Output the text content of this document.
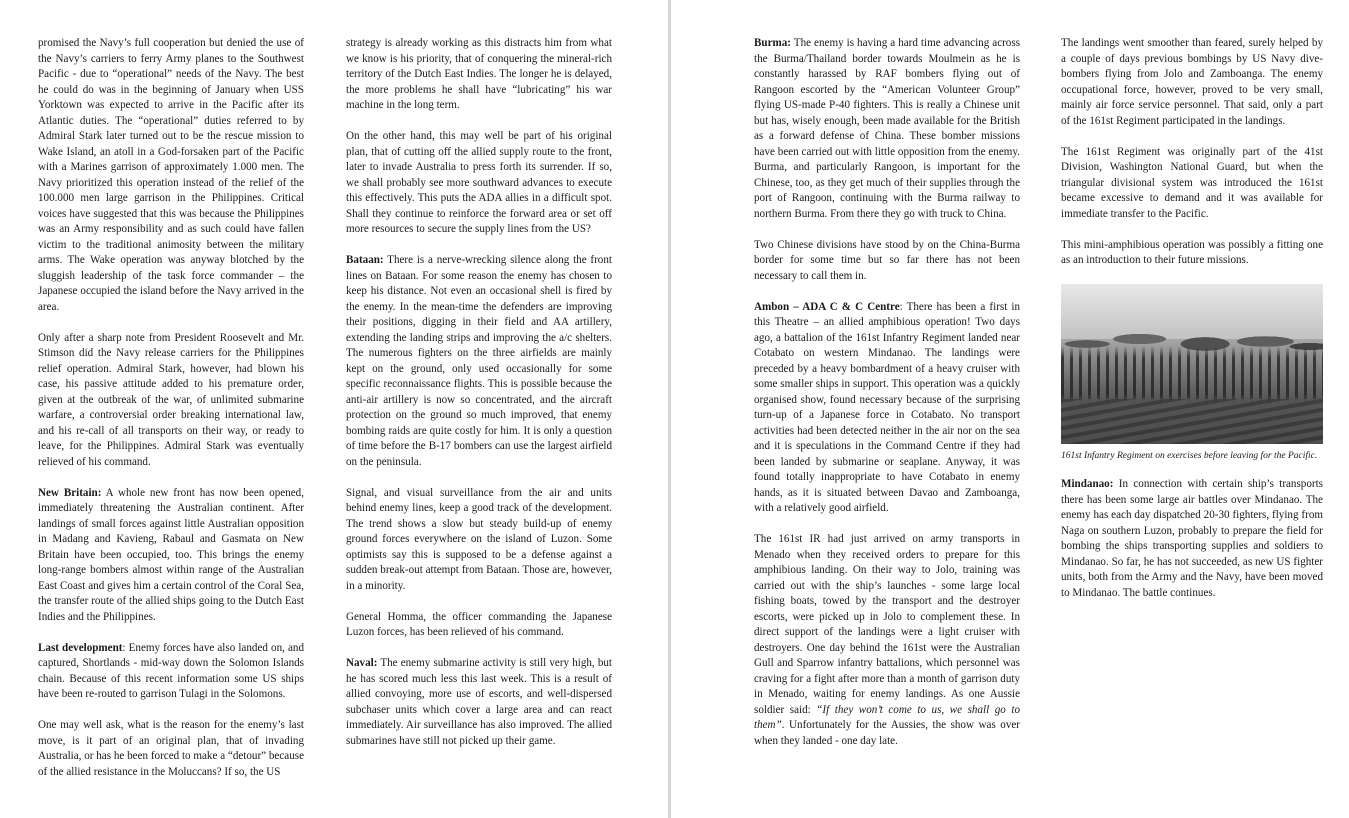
promised the Navy’s full cooperation but denied the use of the Navy’s carriers to ferry Army planes to the Southwest Pacific - due to “operational” needs of the Navy. The best he could do was in the beginning of January when USS Yorktown was expected to arrive in the Pacific after its Atlantic duties. The “operational” duties referred to by Admiral Stark later turned out to be the rescue mission to Wake Island, an atoll in a God-forsaken part of the Pacific with a Marines garrison of approximately 1.000 men. The Navy prioritized this operation instead of the relief of the 100.000 men large garrison in the Philippines. Critical voices have suggested that this was because the Philippines was an Army responsibility and as such could have fallen victim to the traditional animosity between the military arms. The Wake operation was anyway blotched by the sluggish leadership of the task force commander – the Japanese occupied the island before the Navy arrived in the area.

Only after a sharp note from President Roosevelt and Mr. Stimson did the Navy release carriers for the Philippines relief operation. Admiral Stark, however, had blown his case, his passive attitude added to his premature order, given at the outbreak of the war, of unlimited submarine warfare, a controversial order breaking international law, and his re-call of all transports on their way, or ready to leave, for the Philippines. Admiral Stark was eventually relieved of his command.

New Britain: A whole new front has now been opened, immediately threatening the Australian continent. After landings of small forces against little Australian opposition in Madang and Kavieng, Rabaul and Gasmata on New Britain have been occupied, too. This brings the enemy long-range bombers almost within range of the Australian East Coast and gives him a certain control of the Coral Sea, the transfer route of the allied ships going to the Dutch East Indies and the Philippines.

Last development: Enemy forces have also landed on, and captured, Shortlands - mid-way down the Solomon Islands chain. Because of this recent information some US ships have been re-routed to garrison Tulagi in the Solomons.

One may well ask, what is the reason for the enemy’s last move, is it part of an original plan, that of invading Australia, or has he been forced to make a “detour” because of the allied resistance in the Moluccans? If so, the US

strategy is already working as this distracts him from what we know is his priority, that of conquering the mineral-rich territory of the Dutch East Indies. The longer he is delayed, the more problems he shall have “lubricating” his war machine in the long term.

On the other hand, this may well be part of his original plan, that of cutting off the allied supply route to the front, later to invade Australia to press forth its surrender. If so, we shall probably see more southward advances to execute this effectively. This puts the ADA allies in a difficult spot. Shall they continue to reinforce the forward area or set off more resources to secure the supply lines from the US?

Bataan: There is a nerve-wrecking silence along the front lines on Bataan. For some reason the enemy has chosen to keep his distance. Not even an occasional shell is fired by the enemy. In the mean-time the defenders are improving their positions, digging in their field and AA artillery, extending the landing strips and improving the a/c shelters. The numerous fighters on the three airfields are mainly kept on the ground, only used occasionally for some specific reconnaissance flights. This is possible because the anti-air artillery is now so concentrated, and the aircraft protection on the ground so much improved, that enemy bombing raids are quite costly for him. It is only a question of time before the B-17 bombers can use the largest airfield on the peninsula.

Signal, and visual surveillance from the air and units behind enemy lines, keep a good track of the development. The trend shows a slow but steady build-up of enemy ground forces everywhere on the island of Luzon. Some optimists say this is supposed to be a defense against a sudden break-out attempt from Bataan. Those are, however, in a minority.

General Homma, the officer commanding the Japanese Luzon forces, has been relieved of his command.

Naval: The enemy submarine activity is still very high, but he has scored much less this last week. This is a result of allied convoying, more use of escorts, and well-dispersed subchaser units which cover a large area and can react immediately. Air surveillance has also improved. The allied submarines have still not picked up their game.

Burma: The enemy is having a hard time advancing across the Burma/Thailand border towards Moulmein as he is constantly harassed by RAF bombers flying out of Rangoon escorted by the “American Volunteer Group” flying US-made P-40 fighters. This is really a Chinese unit but has, wisely enough, been made available for the British as a forward defense of China. These bomber missions have been carried out with little opposition from the enemy. Burma, and particularly Rangoon, is important for the Chinese, too, as they get much of their supplies through the port of Rangoon, continuing with the Burma railway to northern Burma. From there they go with truck to China.

Two Chinese divisions have stood by on the China-Burma border for some time but so far there has not been necessary to call them in.

Ambon – ADA C & C Centre: There has been a first in this Theatre – an allied amphibious operation! Two days ago, a battalion of the 161st Infantry Regiment landed near Cotabato on western Mindanao. The landings were preceded by a heavy bombardment of a heavy cruiser with some smaller ships in support. This operation was a quickly organised show, found necessary because of the surprising turn-up of a Japanese force in Cotabato. No transport activities had been detected neither in the air nor on the sea and it is speculations in the Command Centre if they had been landed by submarine or seaplane. Anyway, it was found totally inappropriate to have Cotabato in enemy hands, as it is situated between Davao and Zamboanga, with a relatively good airfield.

The 161st IR had just arrived on army transports in Menado when they received orders to prepare for this amphibious landing. On their way to Jolo, training was carried out with the ship’s launches - some large local fishing boats, towed by the transport and the destroyer escorts, were picked up in Jolo to complement these. In direct support of the landings were a light cruiser with destroyers. One day behind the 161st were the Australian Gull and Sparrow infantry battalions, which personnel was craving for a fight after more than a month of garrison duty in Menado, waiting for enemy landings. As one Aussie soldier said: “If they won’t come to us, we shall go to them”. Unfortunately for the Aussies, the show was over when they landed - one day late.

The landings went smoother than feared, surely helped by a couple of days previous bombings by US Navy dive-bombers flying from Jolo and Zamboanga. The enemy occupational force, however, proved to be very small, mainly air force service personnel. That said, only a part of the 161st Regiment participated in the landings.

The 161st Regiment was originally part of the 41st Division, Washington National Guard, but when the triangular divisional system was introduced the 161st became excessive to demand and it was available for immediate transfer to the Pacific.

This mini-amphibious operation was possibly a fitting one as an introduction to their future missions.

161st Infantry Regiment on exercises before leaving for the Pacific.

Mindanao: In connection with certain ship’s transports there has been some large air battles over Mindanao. The enemy has each day dispatched 20-30 fighters, flying from Naga on southern Luzon, probably to prepare the field for bombing the ships transporting supplies and soldiers to Mindanao. So far, he has not succeeded, as new US fighter units, both from the Army and the Navy, have been moved to Mindanao. The battle continues.
